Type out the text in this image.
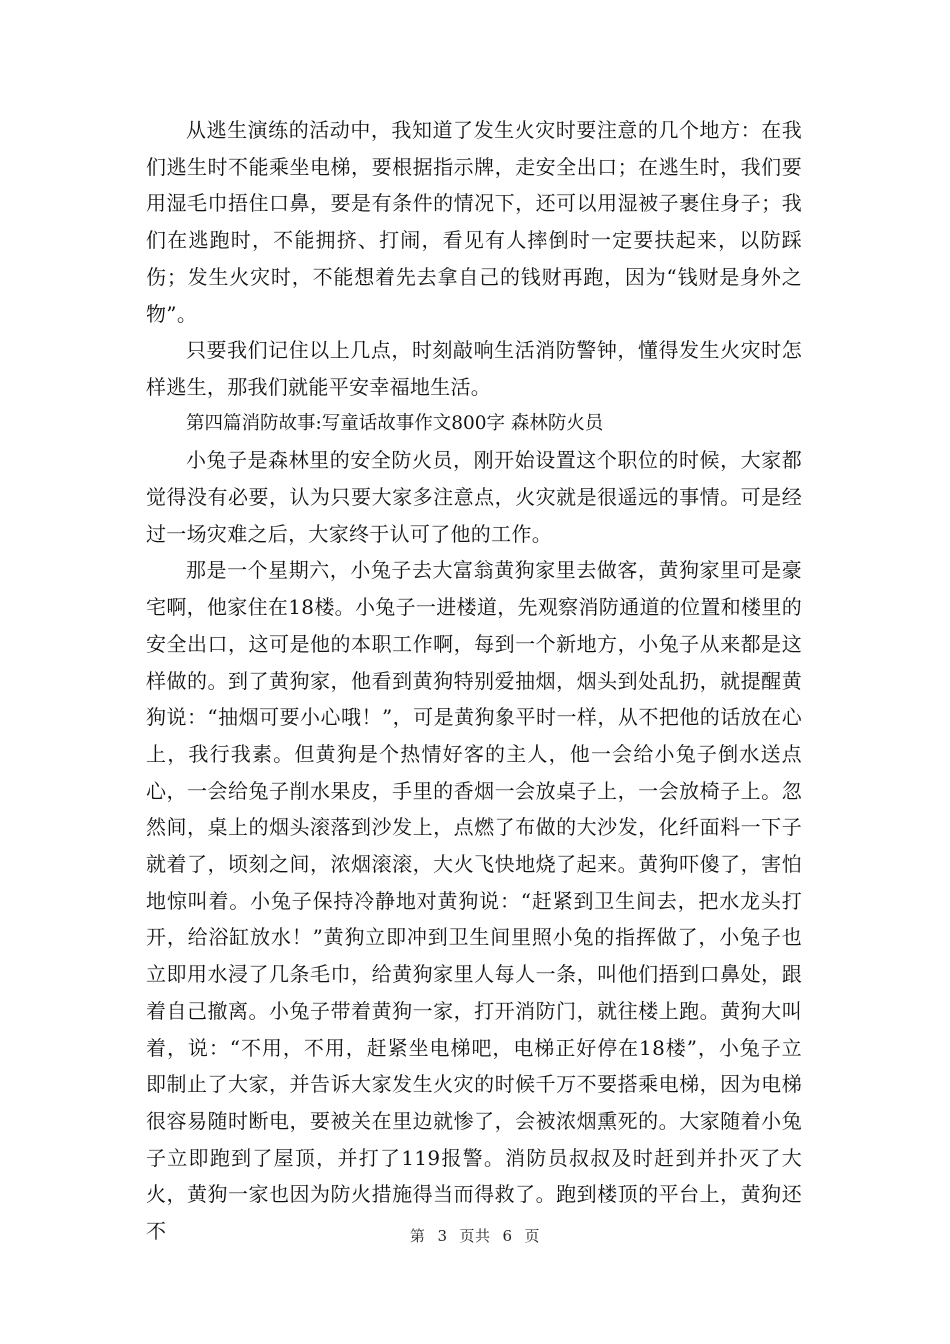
从逃生演练的活动中，我知道了发生火灾时要注意的几个地方：在我们逃生时不能乘坐电梯，要根据指示牌，走安全出口；在逃生时，我们要用湿毛巾捂住口鼻，要是有条件的情况下，还可以用湿被子裹住身子；我们在逃跑时，不能拥挤、打闹，看见有人摔倒时一定要扶起来，以防踩伤；发生火灾时，不能想着先去拿自己的钱财再跑，因为“钱财是身外之物”。

只要我们记住以上几点，时刻敲响生活消防警钟，懂得发生火灾时怎样逃生，那我们就能平安幸福地生活。

第四篇消防故事:写童话故事作文800字 森林防火员

小兔子是森林里的安全防火员，刚开始设置这个职位的时候，大家都觉得没有必要，认为只要大家多注意点，火灾就是很遥远的事情。可是经过一场灾难之后，大家终于认可了他的工作。

那是一个星期六，小兔子去大富翁黄狗家里去做客，黄狗家里可是豪宅啊，他家住在18楼。小兔子一进楼道，先观察消防通道的位置和楼里的安全出口，这可是他的本职工作啊，每到一个新地方，小兔子从来都是这样做的。到了黄狗家，他看到黄狗特别爱抽烟，烟头到处乱扔，就提醒黄狗说：“抽烟可要小心哦！”，可是黄狗象平时一样，从不把他的话放在心上，我行我素。但黄狗是个热情好客的主人，他一会给小兔子倒水送点心，一会给兔子削水果皮，手里的香烟一会放桌子上，一会放椅子上。忽然间，桌上的烟头滚落到沙发上，点燃了布做的大沙发，化纤面料一下子就着了，顷刻之间，浓烟滚滚，大火飞快地烧了起来。黄狗吓傻了，害怕地惊叫着。小兔子保持冷静地对黄狗说：“赶紧到卫生间去，把水龙头打开，给浴缸放水！”黄狗立即冲到卫生间里照小兔的指挥做了，小兔子也立即用水浸了几条毛巾，给黄狗家里人每人一条，叫他们捂到口鼻处，跟着自己撤离。小兔子带着黄狗一家，打开消防门，就往楼上跑。黄狗大叫着，说：“不用，不用，赶紧坐电梯吧，电梯正好停在18楼”，小兔子立即制止了大家，并告诉大家发生火灾的时候千万不要搭乘电梯，因为电梯很容易随时断电，要被关在里边就惨了，会被浓烟熏死的。大家随着小兔子立即跑到了屋顶，并打了119报警。消防员叔叔及时赶到并扑灭了大火，黄狗一家也因为防火措施得当而得救了。跑到楼顶的平台上，黄狗还不	第 3 页共 6 页
